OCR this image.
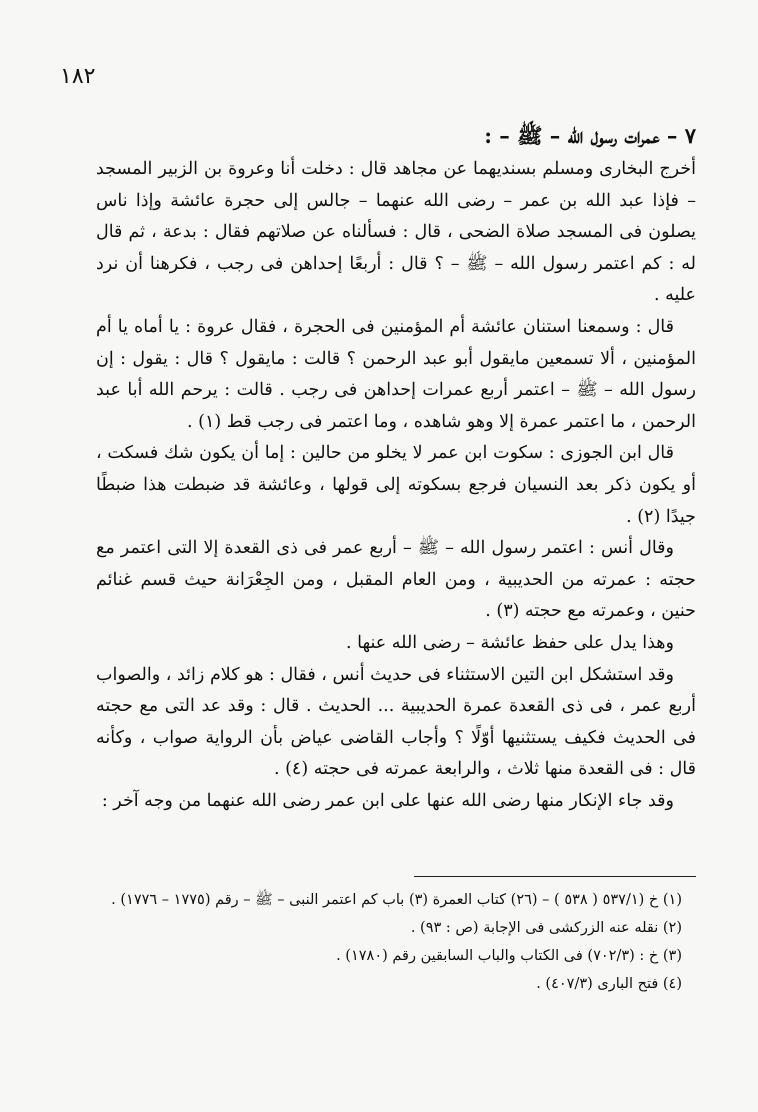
١٨٢

٧ – عمرات رسول الله – ﷺ – :

أخرج البخارى ومسلم بسنديهما عن مجاهد قال : دخلت أنا وعروة بن الزبير المسجد – فإذا عبد الله بن عمر – رضى الله عنهما – جالس إلى حجرة عائشة وإذا ناس يصلون فى المسجد صلاة الضحى ، قال : فسألناه عن صلاتهم فقال : بدعة ، ثم قال له : كم اعتمر رسول الله – ﷺ – ؟ قال : أربعًا إحداهن فى رجب ، فكرهنا أن نرد عليه .

قال : وسمعنا استنان عائشة أم المؤمنين فى الحجرة ، فقال عروة : يا أماه يا أم المؤمنين ، ألا تسمعين مايقول أبو عبد الرحمن ؟ قالت : مايقول ؟ قال : يقول : إن رسول الله – ﷺ – اعتمر أربع عمرات إحداهن فى رجب . قالت : يرحم الله أبا عبد الرحمن ، ما اعتمر عمرة إلا وهو شاهده ، وما اعتمر فى رجب قط (١) .

قال ابن الجوزى : سكوت ابن عمر لا يخلو من حالين : إما أن يكون شك فسكت ، أو يكون ذكر بعد النسيان فرجع بسكوته إلى قولها ، وعائشة قد ضبطت هذا ضبطًا جيدًا (٢) .

وقال أنس : اعتمر رسول الله – ﷺ – أربع عمر فى ذى القعدة إلا التى اعتمر مع حجته : عمرته من الحديبية ، ومن العام المقبل ، ومن الجِعْرَانة حيث قسم غنائم حنين ، وعمرته مع حجته (٣) .

وهذا يدل على حفظ عائشة – رضى الله عنها .

وقد استشكل ابن التين الاستثناء فى حديث أنس ، فقال : هو كلام زائد ، والصواب أربع عمر ، فى ذى القعدة عمرة الحديبية ... الحديث . قال : وقد عد التى مع حجته فى الحديث فكيف يستثنيها أوّلًا ؟ وأجاب القاضى عياض بأن الرواية صواب ، وكأنه قال : فى القعدة منها ثلاث ، والرابعة عمرته فى حجته (٤) .

وقد جاء الإنكار منها رضى الله عنها على ابن عمر رضى الله عنهما من وجه آخر :

(١) خ (٥٣٧/١ ( ٥٣٨ ) – (٢٦) كتاب العمرة (٣) باب كم اعتمر النبى – ﷺ – رقم (١٧٧٥ – ١٧٧٦) .

(٢) نقله عنه الزركشى فى الإجابة (ص : ٩٣) .

(٣) خ : (٧٠٢/٣) فى الكتاب والباب السابقين رقم (١٧٨٠) .

(٤) فتح البارى (٤٠٧/٣) .
